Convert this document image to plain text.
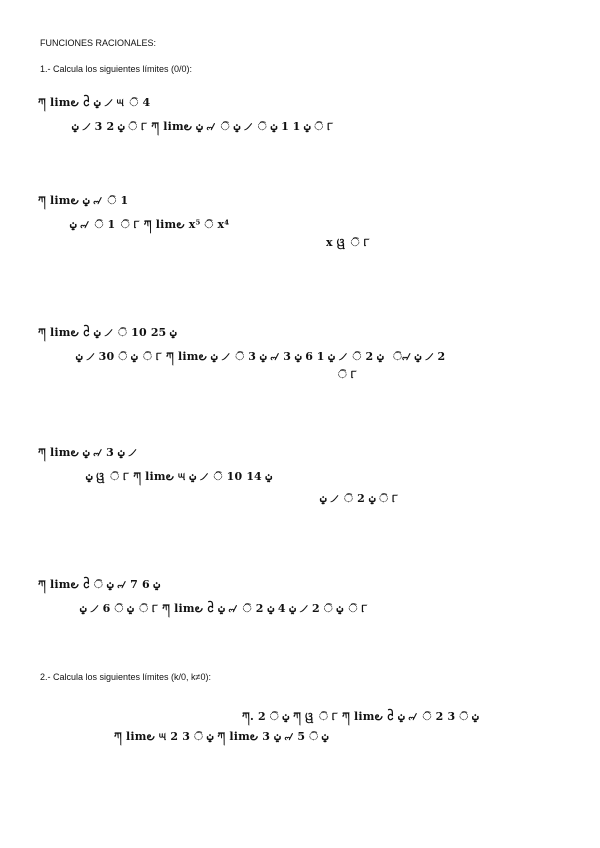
FUNCIONES RACIONALES:
1.- Calcula los siguientes límites (0/0):
ཀ lim౿ ᩲ ݔ ୵ ୴ ି 4
ݔ ୵ 3 ݔ 2 ି ୮ ཀ lim౿ ݔ ୷ ି ݔ ୵ ି ݔ 1 1 ݔ ି ୮
ཀ lim౿ ݔ ୷ ି 1
ݔ ୷ ି 1 ି ୮ ཀ lim౿ x⁵ ି x⁴
x ୱ ି ୮
ཀ lim౿ ᩲ ݔ ୵ ି 10 ݔ 25
ݔ ୵ ݔ ି 30 ି ୮ ཀ lim౿ ‫ ୵ 2 ݔ ୷ ି ݔ ୵ ି 2 ݔ 1 6 ݔ ୷ 3 ݔ ୵ ି 3 ݔ
ି ୮
ཀ lim౿ ݔ ୷ 3 ݔ ୵
ݔ ୱ ି ୮ ཀ lim౿ ୴ ݔ ୵ ି 10 ݔ 14
ݔ ୵ ି 2 ݔ ି ୮
ཀ lim౿ ᩲ ି ݔ ୷ 7 ݔ 6
ݔ ୵ ݔ ି 6 ି ୮ ཀ lim౿ ᩲ ݔ ୷ ି 2 ݔ 4 ݔ ୵ ݔ ି 2 ି ୮
2.- Calcula los siguientes límites (k/0, k≠0):
ཀ. ݔ ି 2 ཀ ୱ ି ୮ ཀ lim౿ ᩲ ݔ ୷ ି 2 ݔ ି 3
ཀ lim౿ ୴ 2 ݔ ି 3 ཀ lim౿ 3 ݔ ୷ ݔ ି 5
